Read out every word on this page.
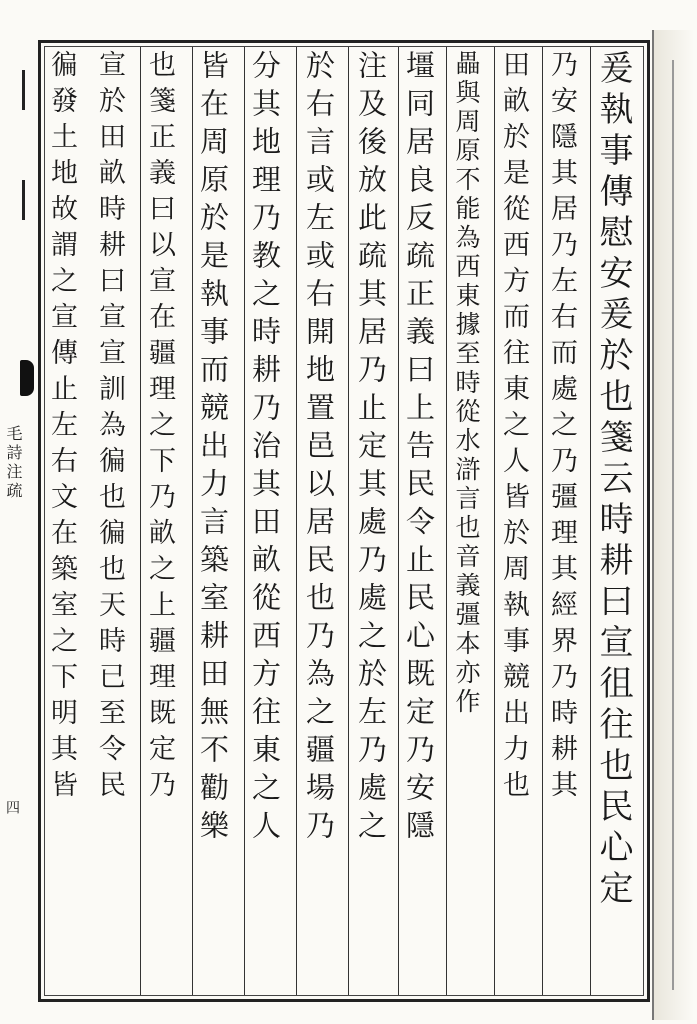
毛詩注疏
四	爰執事傳慰安爰於也箋云時耕曰宣徂往也民心定
乃安隱其居乃左右而處之乃彊理其經界乃時耕其
田畝於是從西方而往東之人皆於周執事競出力也
畾與周原不能為西東據至時從水滸言也音義彊本亦作
壃同居良反疏正義曰上告民令止民心既定乃安隱
注及後放此疏其居乃止定其處乃處之於左乃處之
於右言或左或右開地置邑以居民也乃為之疆場乃
分其地理乃教之時耕乃治其田畝從西方往東之人
皆在周原於是執事而競出力言築室耕田無不勸樂
也箋正義曰以宣在疆理之下乃畝之上疆理既定乃
宣於田畝時耕曰宣宣訓為徧也徧也天時已至令民
徧發土地故謂之宣傳止左右文在築室之下明其皆
